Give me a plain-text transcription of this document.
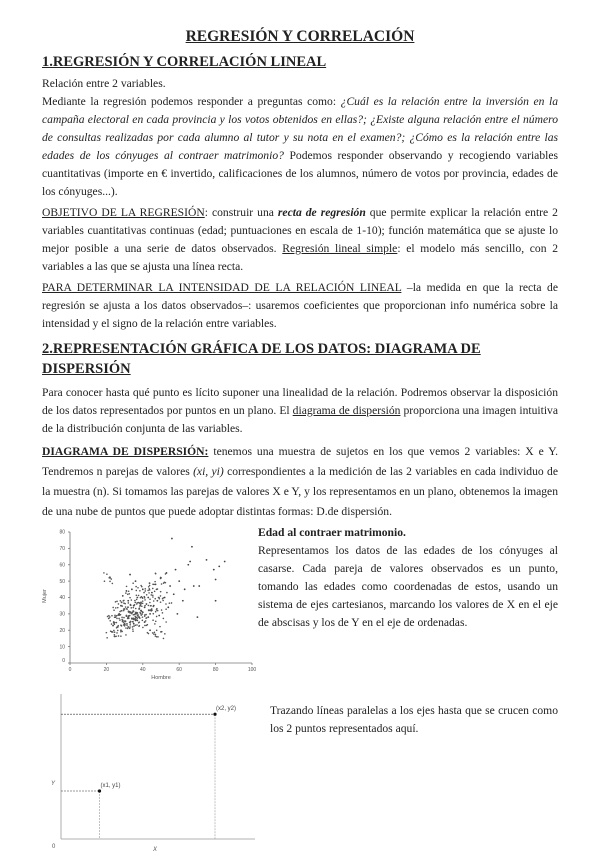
REGRESIÓN Y CORRELACIÓN
1.REGRESIÓN Y CORRELACIÓN LINEAL
Relación entre 2 variables.
Mediante la regresión podemos responder a preguntas como: ¿Cuál es la relación entre la inversión en la campaña electoral en cada provincia y los votos obtenidos en ellas?; ¿Existe alguna relación entre el número de consultas realizadas por cada alumno al tutor y su nota en el examen?; ¿Cómo es la relación entre las edades de los cónyuges al contraer matrimonio? Podemos responder observando y recogiendo variables cuantitativas (importe en € invertido, calificaciones de los alumnos, número de votos por provincia, edades de los cónyuges...).
OBJETIVO DE LA REGRESIÓN: construir una recta de regresión que permite explicar la relación entre 2 variables cuantitativas continuas (edad; puntuaciones en escala de 1-10); función matemática que se ajuste lo mejor posible a una serie de datos observados. Regresión lineal simple: el modelo más sencillo, con 2 variables a las que se ajusta una línea recta.
PARA DETERMINAR LA INTENSIDAD DE LA RELACIÓN LINEAL –la medida en que la recta de regresión se ajusta a los datos observados–: usaremos coeficientes que proporcionan info numérica sobre la intensidad y el signo de la relación entre variables.
2.REPRESENTACIÓN GRÁFICA DE LOS DATOS: DIAGRAMA DE DISPERSIÓN
Para conocer hasta qué punto es lícito suponer una linealidad de la relación. Podremos observar la disposición de los datos representados por puntos en un plano. El diagrama de dispersión proporciona una imagen intuitiva de la distribución conjunta de las variables.
DIAGRAMA DE DISPERSIÓN: tenemos una muestra de sujetos en los que vemos 2 variables: X e Y. Tendremos n parejas de valores (xi, yi) correspondientes a la medición de las 2 variables en cada individuo de la muestra (n). Si tomamos las parejas de valores X e Y, y los representamos en un plano, obtenemos la imagen de una nube de puntos que puede adoptar distintas formas: D.de dispersión.
0	20	40	60	80	100
0
10
20
30
40
50
60
70
80
Hombre
Mujer
Edad al contraer matrimonio.
Representamos los datos de las edades de los cónyuges al casarse. Cada pareja de valores observados es un punto, tomando las edades como coordenadas de estos, usando un sistema de ejes cartesianos, marcando los valores de X en el eje de abscisas y los de Y en el eje de ordenadas.
(x1, y1)
(x2, y2)
0	X
Y
Trazando líneas paralelas a los ejes hasta que se crucen como los 2 puntos representados aquí.
